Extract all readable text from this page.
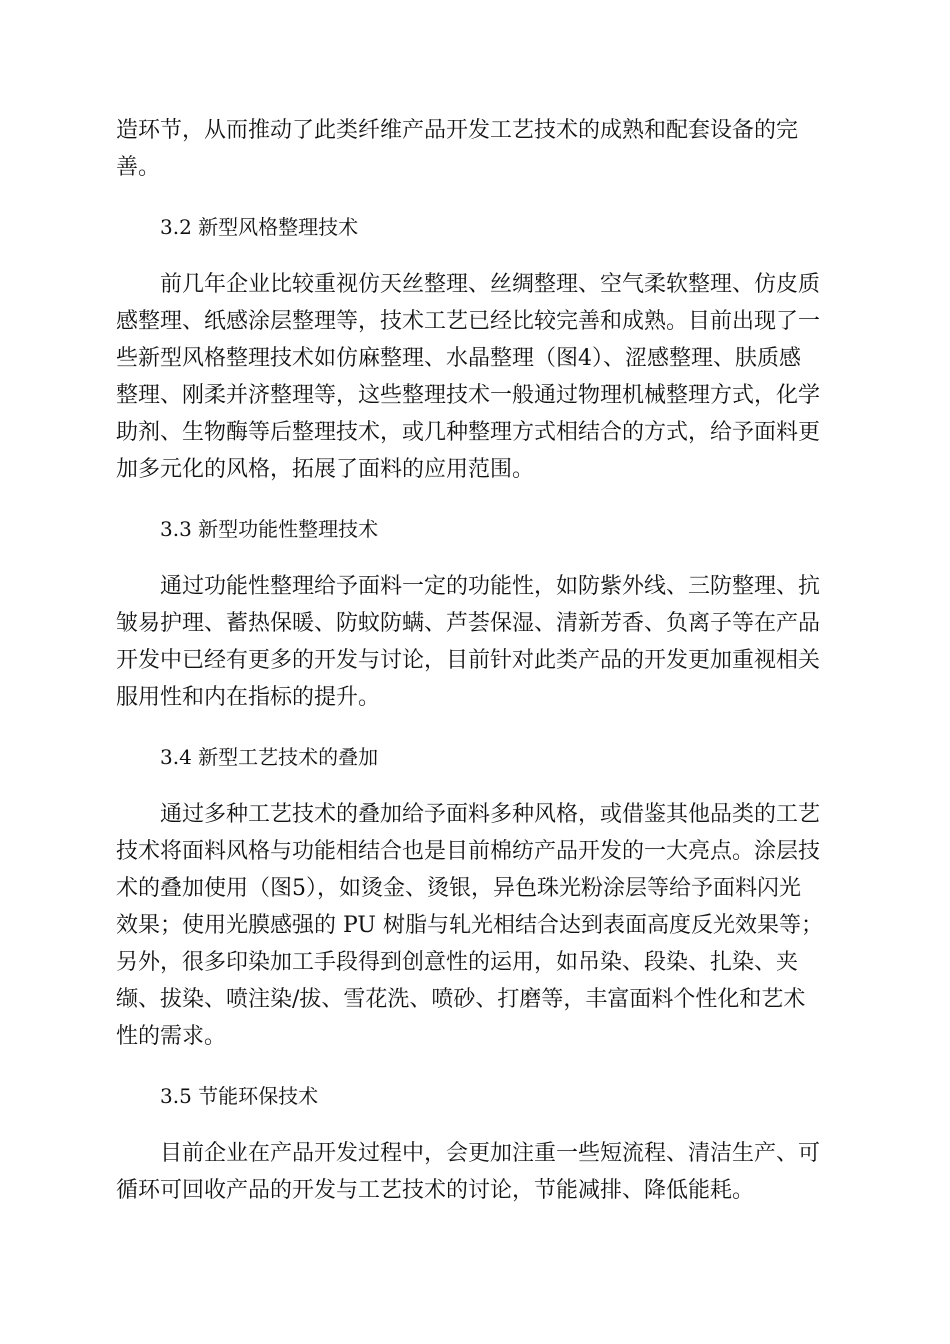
造环节，从而推动了此类纤维产品开发工艺技术的成熟和配套设备的完
善。

3.2 新型风格整理技术

前几年企业比较重视仿天丝整理、丝绸整理、空气柔软整理、仿皮质
感整理、纸感涂层整理等，技术工艺已经比较完善和成熟。目前出现了一
些新型风格整理技术如仿麻整理、水晶整理（图4）、涩感整理、肤质感
整理、刚柔并济整理等，这些整理技术一般通过物理机械整理方式，化学
助剂、生物酶等后整理技术，或几种整理方式相结合的方式，给予面料更
加多元化的风格，拓展了面料的应用范围。

3.3 新型功能性整理技术

通过功能性整理给予面料一定的功能性，如防紫外线、三防整理、抗
皱易护理、蓄热保暖、防蚊防螨、芦荟保湿、清新芳香、负离子等在产品
开发中已经有更多的开发与讨论，目前针对此类产品的开发更加重视相关
服用性和内在指标的提升。

3.4 新型工艺技术的叠加

通过多种工艺技术的叠加给予面料多种风格，或借鉴其他品类的工艺
技术将面料风格与功能相结合也是目前棉纺产品开发的一大亮点。涂层技
术的叠加使用（图5），如烫金、烫银，异色珠光粉涂层等给予面料闪光
效果；使用光膜感强的 PU 树脂与轧光相结合达到表面高度反光效果等；
另外，很多印染加工手段得到创意性的运用，如吊染、段染、扎染、夹
缬、拔染、喷注染/拔、雪花洗、喷砂、打磨等，丰富面料个性化和艺术
性的需求。

3.5 节能环保技术

目前企业在产品开发过程中，会更加注重一些短流程、清洁生产、可
循环可回收产品的开发与工艺技术的讨论，节能减排、降低能耗。
